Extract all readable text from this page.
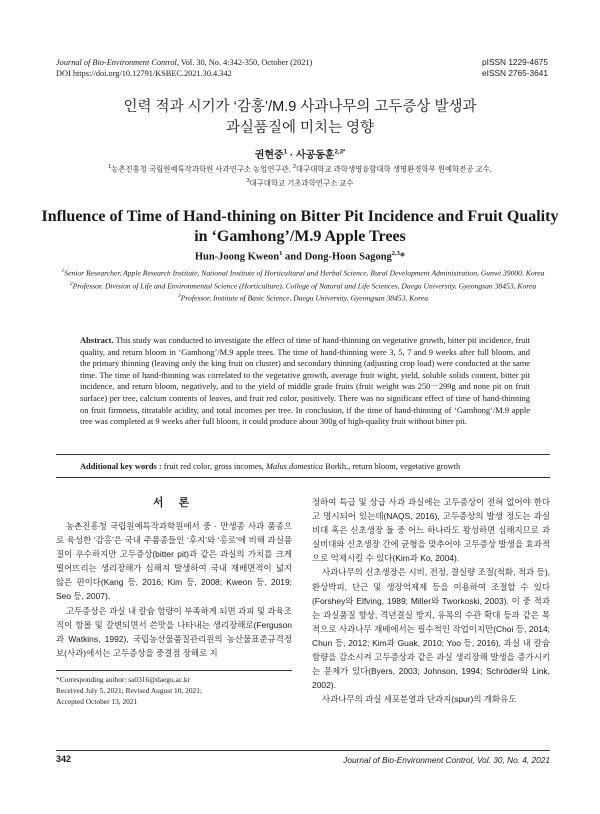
Journal of Bio-Environment Control, Vol. 30, No. 4:342-350, October (2021)
DOI https://doi.org/10.12791/KSBEC.2021.30.4.342
pISSN 1229-4675
eISSN 2765-3641
인력 적과 시기가 ‘감홍’/M.9 사과나무의 고두증상 발생과
과실품질에 미치는 영향
권현중$^1$ · 사공동훈$^{2,3*}$
$^1$농촌진흥청 국립원예특작과학원 사과연구소 농업연구관, $^2$대구대학교 과학생명융합대학 생명환경학부 원예학전공 교수,
$^3$대구대학교 기초과학연구소 교수
Influence of Time of Hand-thining on Bitter Pit Incidence and Fruit Quality
in ‘Gamhong’/M.9 Apple Trees
Hun-Joong Kweon$^1$ and Dong-Hoon Sagong$^{2,3}$*
$^1$Senior Researcher, Apple Research Institute, National Institute of Horticultural and Herbal Science, Rural Development Administration, Gunwi 39000, Korea
$^2$Professor, Division of Life and Environmental Science (Horticulture), College of Natural and Life Sciences, Daegu University, Gyeongsan 38453, Korea
$^3$Professor, Institute of Basic Science, Daegu University, Gyeongsan 38453, Korea
Abstract. This study was conducted to investigate the effect of time of hand-thinning on vegetative growth, bitter pit incidence, fruit quality, and return bloom in ‘Gamhong’/M.9 apple trees. The time of hand-thinning were 3, 5, 7 and 9 weeks after full bloom, and the primary thinning (leaving only the king fruit on cluster) and secondary thinning (adjusting crop load) were conducted at the same time. The time of hand-thinning was correlated to the vegetative growth, average fruit wight, yield, soluble solids content, bitter pit incidence, and return bloom, negatively, and to the yield of middle grade fruits (fruit weight was 250－299g and none pit on fruit surface) per tree, calcium contents of leaves, and fruit red color, positively. There was no significant effect of time of hand-thinning on fruit firmness, titratable acidity, and total incomes per tree. In conclusion, if the time of hand-thinning of ‘Gamhong’/M.9 apple tree was completed at 9 weeks after full bloom, it could produce about 300g of high-quality fruit without bitter pit.
Additional key words : fruit red color, gross incomes, Malus domestica Borkh., return bloom, vegetative growth
서 론

농촌진흥청 국립원예특작과학원에서 중 · 만생종 사과 품종으로 육성한 ‘감홍’은 국내 주품종들인 ‘후지’와 ‘홍로’에 비해 과실품질이 우수하지만 고두증상(bitter pit)과 같은 과실의 가치를 크게 떨어뜨리는 생리장해가 심해져 발생하여 국내 재배면적이 넓지 않은 편이다(Kang 등, 2016; Kim 등, 2008; Kweon 등, 2019; Seo 등, 2007).

고두증상은 과실 내 칼슘 함량이 부족하게 되면 과피 및 과육조직이 함몰 및 갈변되면서 쓴맛을 나타내는 생리장해로(Ferguson과 Watkins, 1992), 국립농산물품질관리원의 농산물표준규격정보(사과)에서는 고두증상을 중결점 장해로 지

정하여 특급 및 상급 사과 과실에는 고두증상이 전혀 없어야 한다고 명시되어 있는데(NAQS, 2016), 고두증상의 발생 정도는 과실비대 혹은 신초생장 둘 중 어느 하나라도 왕성하면 심해지므로 과실비대와 신초생장 간에 균형을 맞추어야 고두증상 발생을 효과적으로 억제시킬 수 있다(Kim과 Ko, 2004).

사과나무의 신초생장은 시비, 전정, 결실량 조절(적화, 적과 등), 환상박피, 단근 및 생장억제제 등을 이용하여 조절할 수 있다(Forshey와 Elfving, 1989; Miller와 Tworkoski, 2003). 이 중 적과는 과실품질 향상, 격년결실 방지, 유목의 수관 확대 등과 같은 목적으로 사과나무 재배에서는 필수적인 작업이지만(Choi 등, 2014; Chun 등, 2012; Kim과 Guak, 2010; Yoo 등, 2016), 과실 내 칼슘 함량을 감소시켜 고두증상과 같은 과실 생리장해 발생을 증가시키는 문제가 있다(Byers, 2003; Johnson, 1994; Schröder와 Link, 2002).

사과나무의 과실 세포분열과 단과지(spur)의 개화유도

*Corresponding author: sa0316@daegu.ac.kr
Received July 5, 2021; Revised August 10, 2021;
Accepted October 13, 2021
342	Journal of Bio-Environment Control, Vol. 30, No. 4, 2021
